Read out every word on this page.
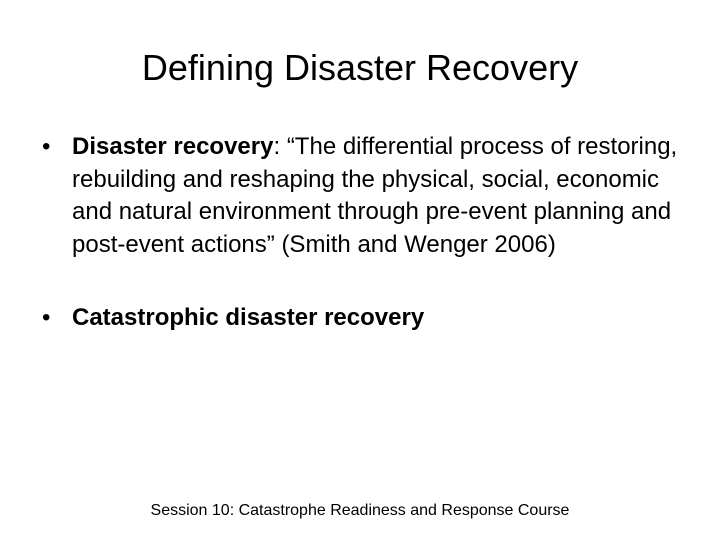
Defining Disaster Recovery
• Disaster recovery: “The differential process of restoring, rebuilding and reshaping the physical, social, economic and natural environment through pre-event planning and post-event actions” (Smith and Wenger 2006)
• Catastrophic disaster recovery
Session 10: Catastrophe Readiness and Response Course
